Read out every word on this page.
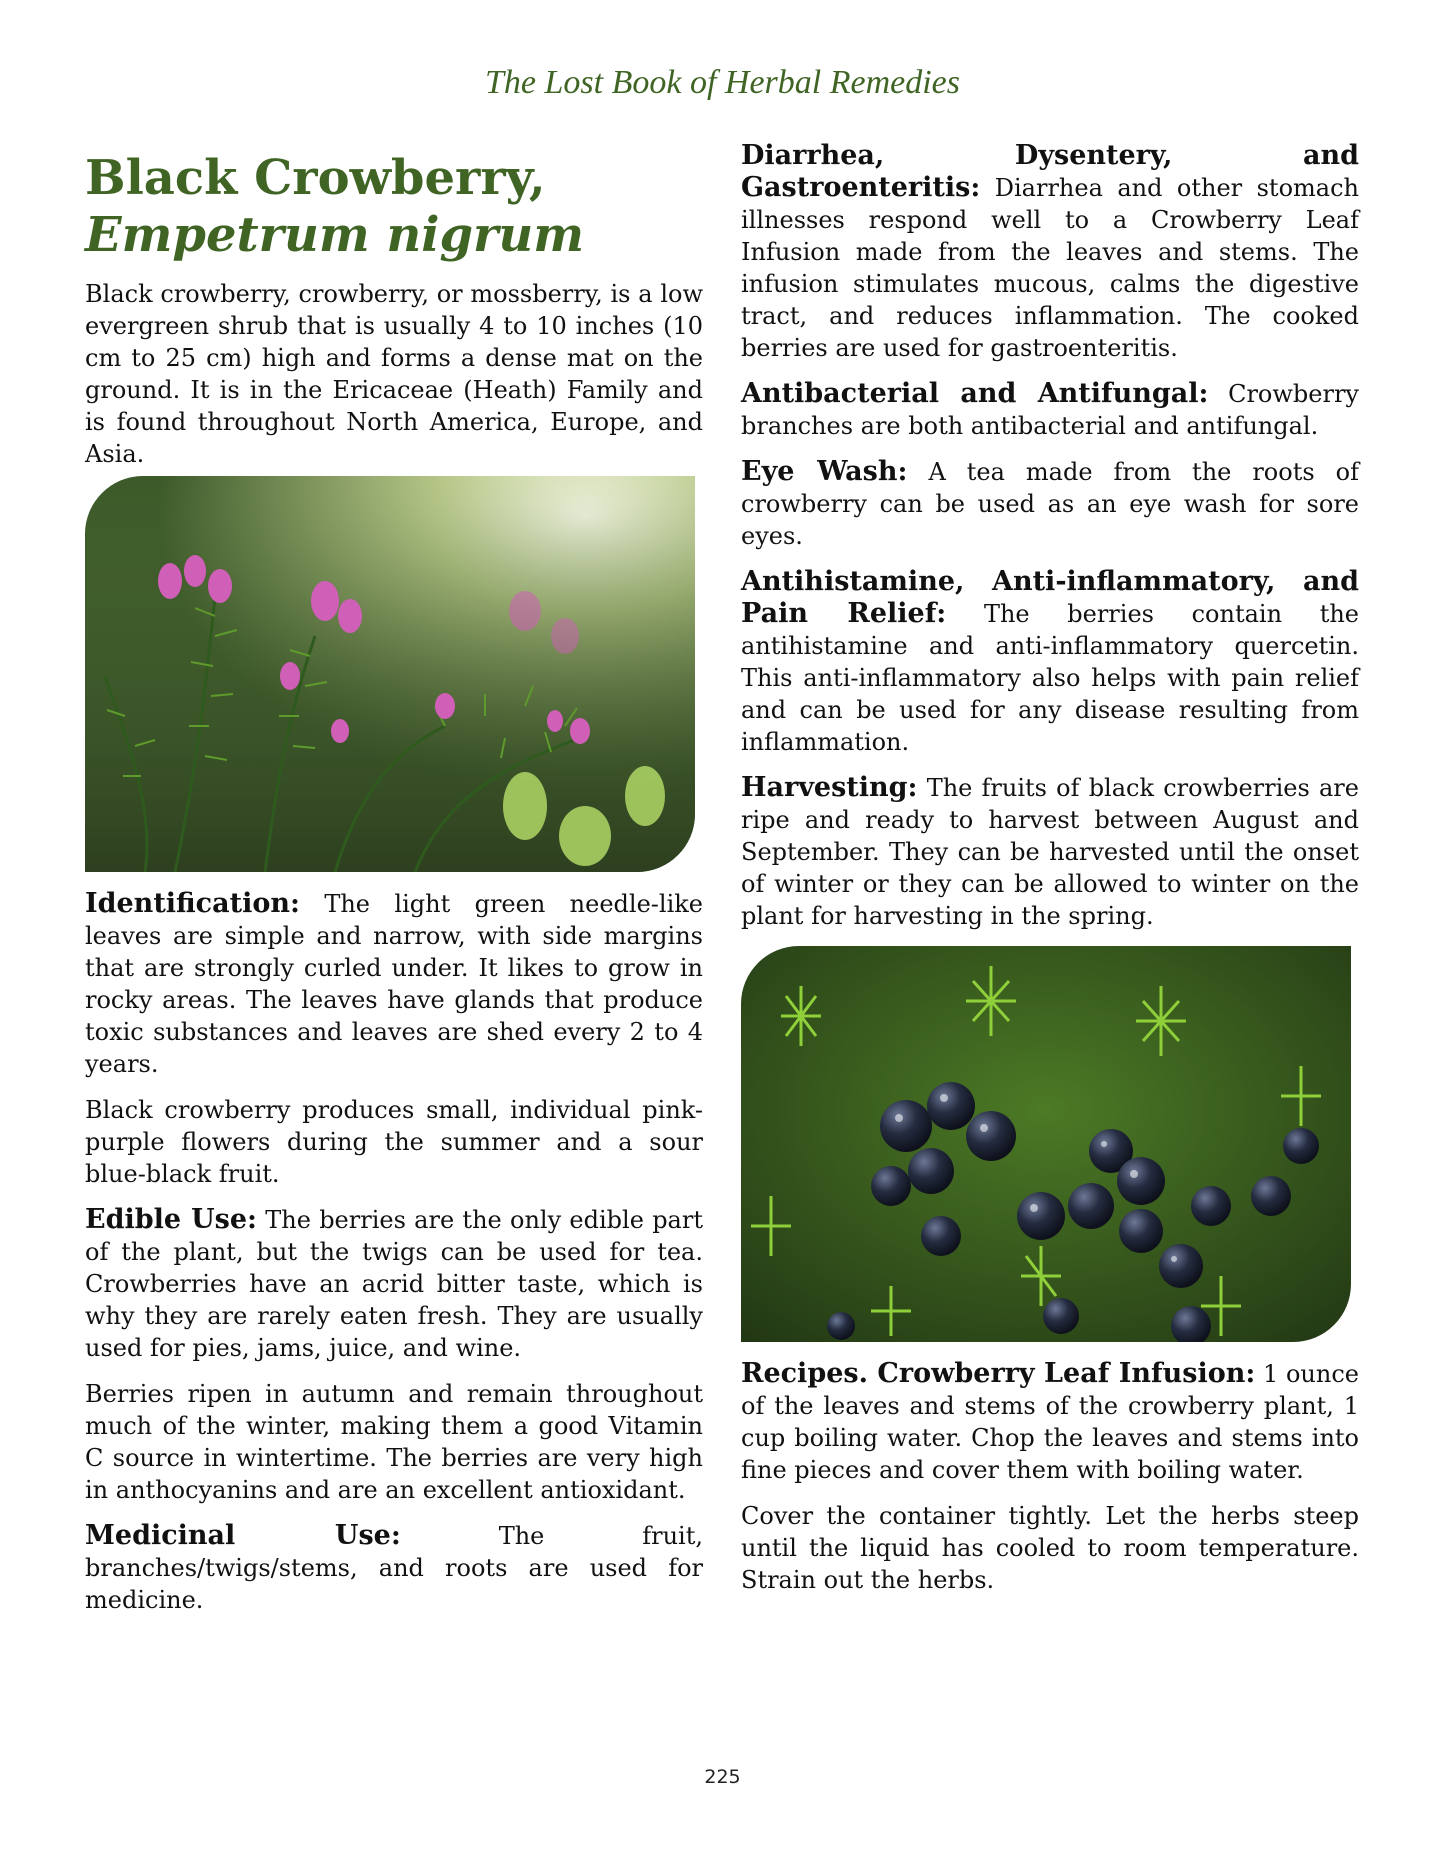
The Lost Book of Herbal Remedies
Black Crowberry,
Empetrum nigrum

Black crowberry, crowberry, or mossberry, is a low evergreen shrub that is usually 4 to 10 inches (10 cm to 25 cm) high and forms a dense mat on the ground. It is in the Ericaceae (Heath) Family and is found throughout North America, Europe, and Asia.

Identification: The light green needle-like leaves are simple and narrow, with side margins that are strongly curled under. It likes to grow in rocky areas. The leaves have glands that produce toxic substances and leaves are shed every 2 to 4 years.

Black crowberry produces small, individual pink-purple flowers during the summer and a sour blue-black fruit.

Edible Use: The berries are the only edible part of the plant, but the twigs can be used for tea. Crowberries have an acrid bitter taste, which is why they are rarely eaten fresh. They are usually used for pies, jams, juice, and wine.

Berries ripen in autumn and remain throughout much of the winter, making them a good Vitamin C source in wintertime. The berries are very high in anthocyanins and are an excellent antioxidant.

Medicinal Use:	The fruit, branches/twigs/stems, and roots are used for medicine.

Diarrhea, Dysentery, and Gastroenteritis: Diarrhea and other stomach illnesses respond well to a Crowberry Leaf Infusion made from the leaves and stems. The infusion stimulates mucous, calms the digestive tract, and reduces inflammation. The cooked berries are used for gastroenteritis.

Antibacterial and Antifungal: Crowberry branches are both antibacterial and antifungal.

Eye Wash: A tea made from the roots of crowberry can be used as an eye wash for sore eyes.

Antihistamine, Anti-inflammatory, and Pain Relief: The berries contain the antihistamine and anti-inflammatory quercetin. This anti-inflammatory also helps with pain relief and can be used for any disease resulting from inflammation.

Harvesting: The fruits of black crowberries are ripe and ready to harvest between August and September. They can be harvested until the onset of winter or they can be allowed to winter on the plant for harvesting in the spring.

Recipes. Crowberry Leaf Infusion: 1 ounce of the leaves and stems of the crowberry plant, 1 cup boiling water. Chop the leaves and stems into fine pieces and cover them with boiling water.

Cover the container tightly. Let the herbs steep until the liquid has cooled to room temperature. Strain out the herbs.

225
